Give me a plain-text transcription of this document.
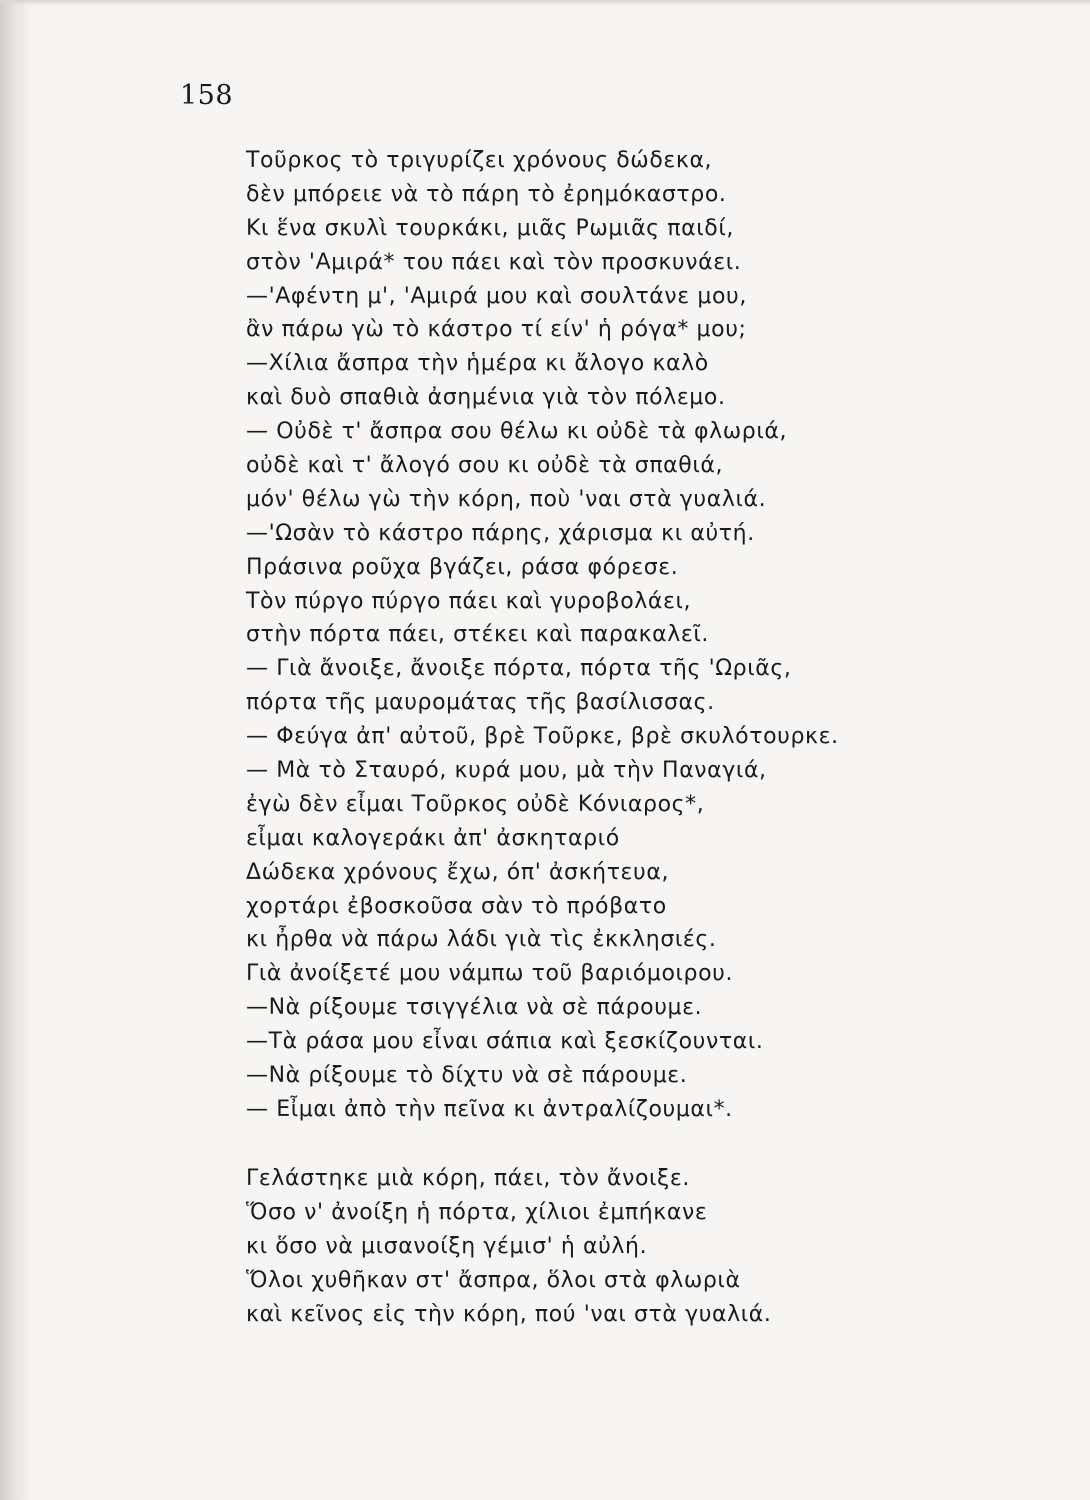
158
Τοῦρκος τὸ τριγυρίζει χρόνους δώδεκα,
δὲν μπόρειε νὰ τὸ πάρη τὸ ἐρημόκαστρο.
Κι ἕνα σκυλὶ τουρκάκι, μιᾶς Ρωμιᾶς παιδί,
στὸν 'Αμιρά* του πάει καὶ τὸν προσκυνάει.
—'Αφέντη μ', 'Αμιρά μου καὶ σουλτάνε μου,
ἂν πάρω γὼ τὸ κάστρο τί είν' ἡ ρόγα* μου;
—Χίλια ἄσπρα τὴν ἡμέρα κι ἄλογο καλὸ
καὶ δυὸ σπαθιὰ ἀσημένια γιὰ τὸν πόλεμο.
— Οὐδὲ τ' ἄσπρα σου θέλω κι οὐδὲ τὰ φλωριά,
οὐδὲ καὶ τ' ἄλογό σου κι οὐδὲ τὰ σπαθιά,
μόν' θέλω γὼ τὴν κόρη, ποὺ 'ναι στὰ γυαλιά.
—'Ωσὰν τὸ κάστρο πάρης, χάρισμα κι αὐτή.
Πράσινα ροῦχα βγάζει, ράσα φόρεσε.
Τὸν πύργο πύργο πάει καὶ γυροβολάει,
στὴν πόρτα πάει, στέκει καὶ παρακαλεῖ.
— Γιὰ ἄνοιξε, ἄνοιξε πόρτα, πόρτα τῆς 'Ωριᾶς,
πόρτα τῆς μαυρομάτας τῆς βασίλισσας.
— Φεύγα ἀπ' αὐτοῦ, βρὲ Τοῦρκε, βρὲ σκυλότουρκε.
— Μὰ τὸ Σταυρό, κυρά μου, μὰ τὴν Παναγιά,
ἐγὼ δὲν εἶμαι Τοῦρκος οὐδὲ Κόνιαρος*,
εἶμαι καλογεράκι ἀπ' ἀσκηταριό
Δώδεκα χρόνους ἔχω, όπ' ἀσκήτευα,
χορτάρι ἐβοσκοῦσα σὰν τὸ πρόβατο
κι ἦρθα νὰ πάρω λάδι γιὰ τὶς ἐκκλησιές.
Γιὰ ἀνοίξετέ μου νάμπω τοῦ βαριόμοιρου.
—Νὰ ρίξουμε τσιγγέλια νὰ σὲ πάρουμε.
—Τὰ ράσα μου εἶναι σάπια καὶ ξεσκίζουνται.
—Νὰ ρίξουμε τὸ δίχτυ νὰ σὲ πάρουμε.
— Εἶμαι ἀπὸ τὴν πεῖνα κι ἀντραλίζουμαι*.
Γελάστηκε μιὰ κόρη, πάει, τὸν ἄνοιξε.
Ὅσο ν' ἀνοίξη ἡ πόρτα, χίλιοι ἐμπήκανε
κι ὅσο νὰ μισανοίξη γέμισ' ἡ αὐλή.
Ὅλοι χυθῆκαν στ' ἄσπρα, ὅλοι στὰ φλωριὰ
καὶ κεῖνος εἰς τὴν κόρη, πού 'ναι στὰ γυαλιά.
